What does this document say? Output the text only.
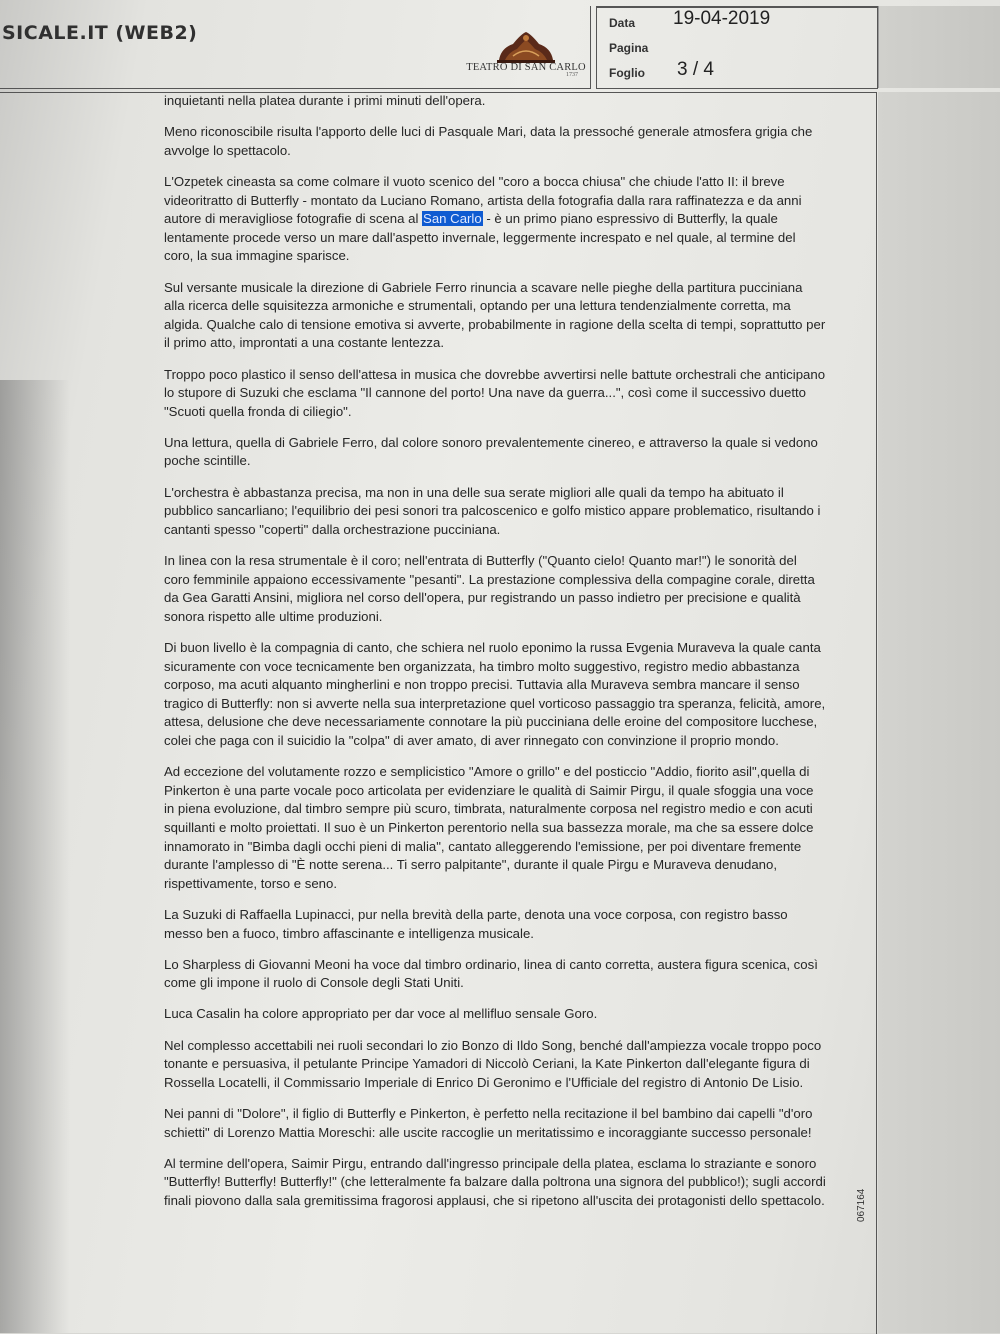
SICALE.IT (WEB2)
TEATRO DI SAN CARLO
1737
Data 19-04-2019
Pagina
Foglio 3 / 4

inquietanti nella platea durante i primi minuti dell'opera.

Meno riconoscibile risulta l'apporto delle luci di Pasquale Mari, data la pressoché generale atmosfera grigia che avvolge lo spettacolo.

L'Ozpetek cineasta sa come colmare il vuoto scenico del "coro a bocca chiusa" che chiude l'atto II: il breve videoritratto di Butterfly - montato da Luciano Romano, artista della fotografia dalla rara raffinatezza e da anni autore di meravigliose fotografie di scena al San Carlo - è un primo piano espressivo di Butterfly, la quale lentamente procede verso un mare dall'aspetto invernale, leggermente increspato e nel quale, al termine del coro, la sua immagine sparisce.

Sul versante musicale la direzione di Gabriele Ferro rinuncia a scavare nelle pieghe della partitura pucciniana alla ricerca delle squisitezza armoniche e strumentali, optando per una lettura tendenzialmente corretta, ma algida. Qualche calo di tensione emotiva si avverte, probabilmente in ragione della scelta di tempi, soprattutto per il primo atto, improntati a una costante lentezza.

Troppo poco plastico il senso dell'attesa in musica che dovrebbe avvertirsi nelle battute orchestrali che anticipano lo stupore di Suzuki che esclama "Il cannone del porto! Una nave da guerra...", così come il successivo duetto "Scuoti quella fronda di ciliegio".

Una lettura, quella di Gabriele Ferro, dal colore sonoro prevalentemente cinereo, e attraverso la quale si vedono poche scintille.

L'orchestra è abbastanza precisa, ma non in una delle sua serate migliori alle quali da tempo ha abituato il pubblico sancarliano; l'equilibrio dei pesi sonori tra palcoscenico e golfo mistico appare problematico, risultando i cantanti spesso "coperti" dalla orchestrazione pucciniana.

In linea con la resa strumentale è il coro; nell'entrata di Butterfly ("Quanto cielo! Quanto mar!") le sonorità del coro femminile appaiono eccessivamente "pesanti". La prestazione complessiva della compagine corale, diretta da Gea Garatti Ansini, migliora nel corso dell'opera, pur registrando un passo indietro per precisione e qualità sonora rispetto alle ultime produzioni.

Di buon livello è la compagnia di canto, che schiera nel ruolo eponimo la russa Evgenia Muraveva la quale canta sicuramente con voce tecnicamente ben organizzata, ha timbro molto suggestivo, registro medio abbastanza corposo, ma acuti alquanto mingherlini e non troppo precisi. Tuttavia alla Muraveva sembra mancare il senso tragico di Butterfly: non si avverte nella sua interpretazione quel vorticoso passaggio tra speranza, felicità, amore, attesa, delusione che deve necessariamente connotare la più pucciniana delle eroine del compositore lucchese, colei che paga con il suicidio la "colpa" di aver amato, di aver rinnegato con convinzione il proprio mondo.

Ad eccezione del volutamente rozzo e semplicistico "Amore o grillo" e del posticcio "Addio, fiorito asil",quella di Pinkerton è una parte vocale poco articolata per evidenziare le qualità di Saimir Pirgu, il quale sfoggia una voce in piena evoluzione, dal timbro sempre più scuro, timbrata, naturalmente corposa nel registro medio e con acuti squillanti e molto proiettati. Il suo è un Pinkerton perentorio nella sua bassezza morale, ma che sa essere dolce innamorato in "Bimba dagli occhi pieni di malia", cantato alleggerendo l'emissione, per poi diventare fremente durante l'amplesso di "È notte serena... Ti serro palpitante", durante il quale Pirgu e Muraveva denudano, rispettivamente, torso e seno.

La Suzuki di Raffaella Lupinacci, pur nella brevità della parte, denota una voce corposa, con registro basso messo ben a fuoco, timbro affascinante e intelligenza musicale.

Lo Sharpless di Giovanni Meoni ha voce dal timbro ordinario, linea di canto corretta, austera figura scenica, così come gli impone il ruolo di Console degli Stati Uniti.

Luca Casalin ha colore appropriato per dar voce al mellifluo sensale Goro.

Nel complesso accettabili nei ruoli secondari lo zio Bonzo di Ildo Song, benché dall'ampiezza vocale troppo poco tonante e persuasiva, il petulante Principe Yamadori di Niccolò Ceriani, la Kate Pinkerton dall'elegante figura di Rossella Locatelli, il Commissario Imperiale di Enrico Di Geronimo e l'Ufficiale del registro di Antonio De Lisio.

Nei panni di "Dolore", il figlio di Butterfly e Pinkerton, è perfetto nella recitazione il bel bambino dai capelli "d'oro schietti" di Lorenzo Mattia Moreschi: alle uscite raccoglie un meritatissimo e incoraggiante successo personale!

Al termine dell'opera, Saimir Pirgu, entrando dall'ingresso principale della platea, esclama lo straziante e sonoro "Butterfly! Butterfly! Butterfly!" (che letteralmente fa balzare dalla poltrona una signora del pubblico!); sugli accordi finali piovono dalla sala gremitissima fragorosi applausi, che si ripetono all'uscita dei protagonisti dello spettacolo.	067164
